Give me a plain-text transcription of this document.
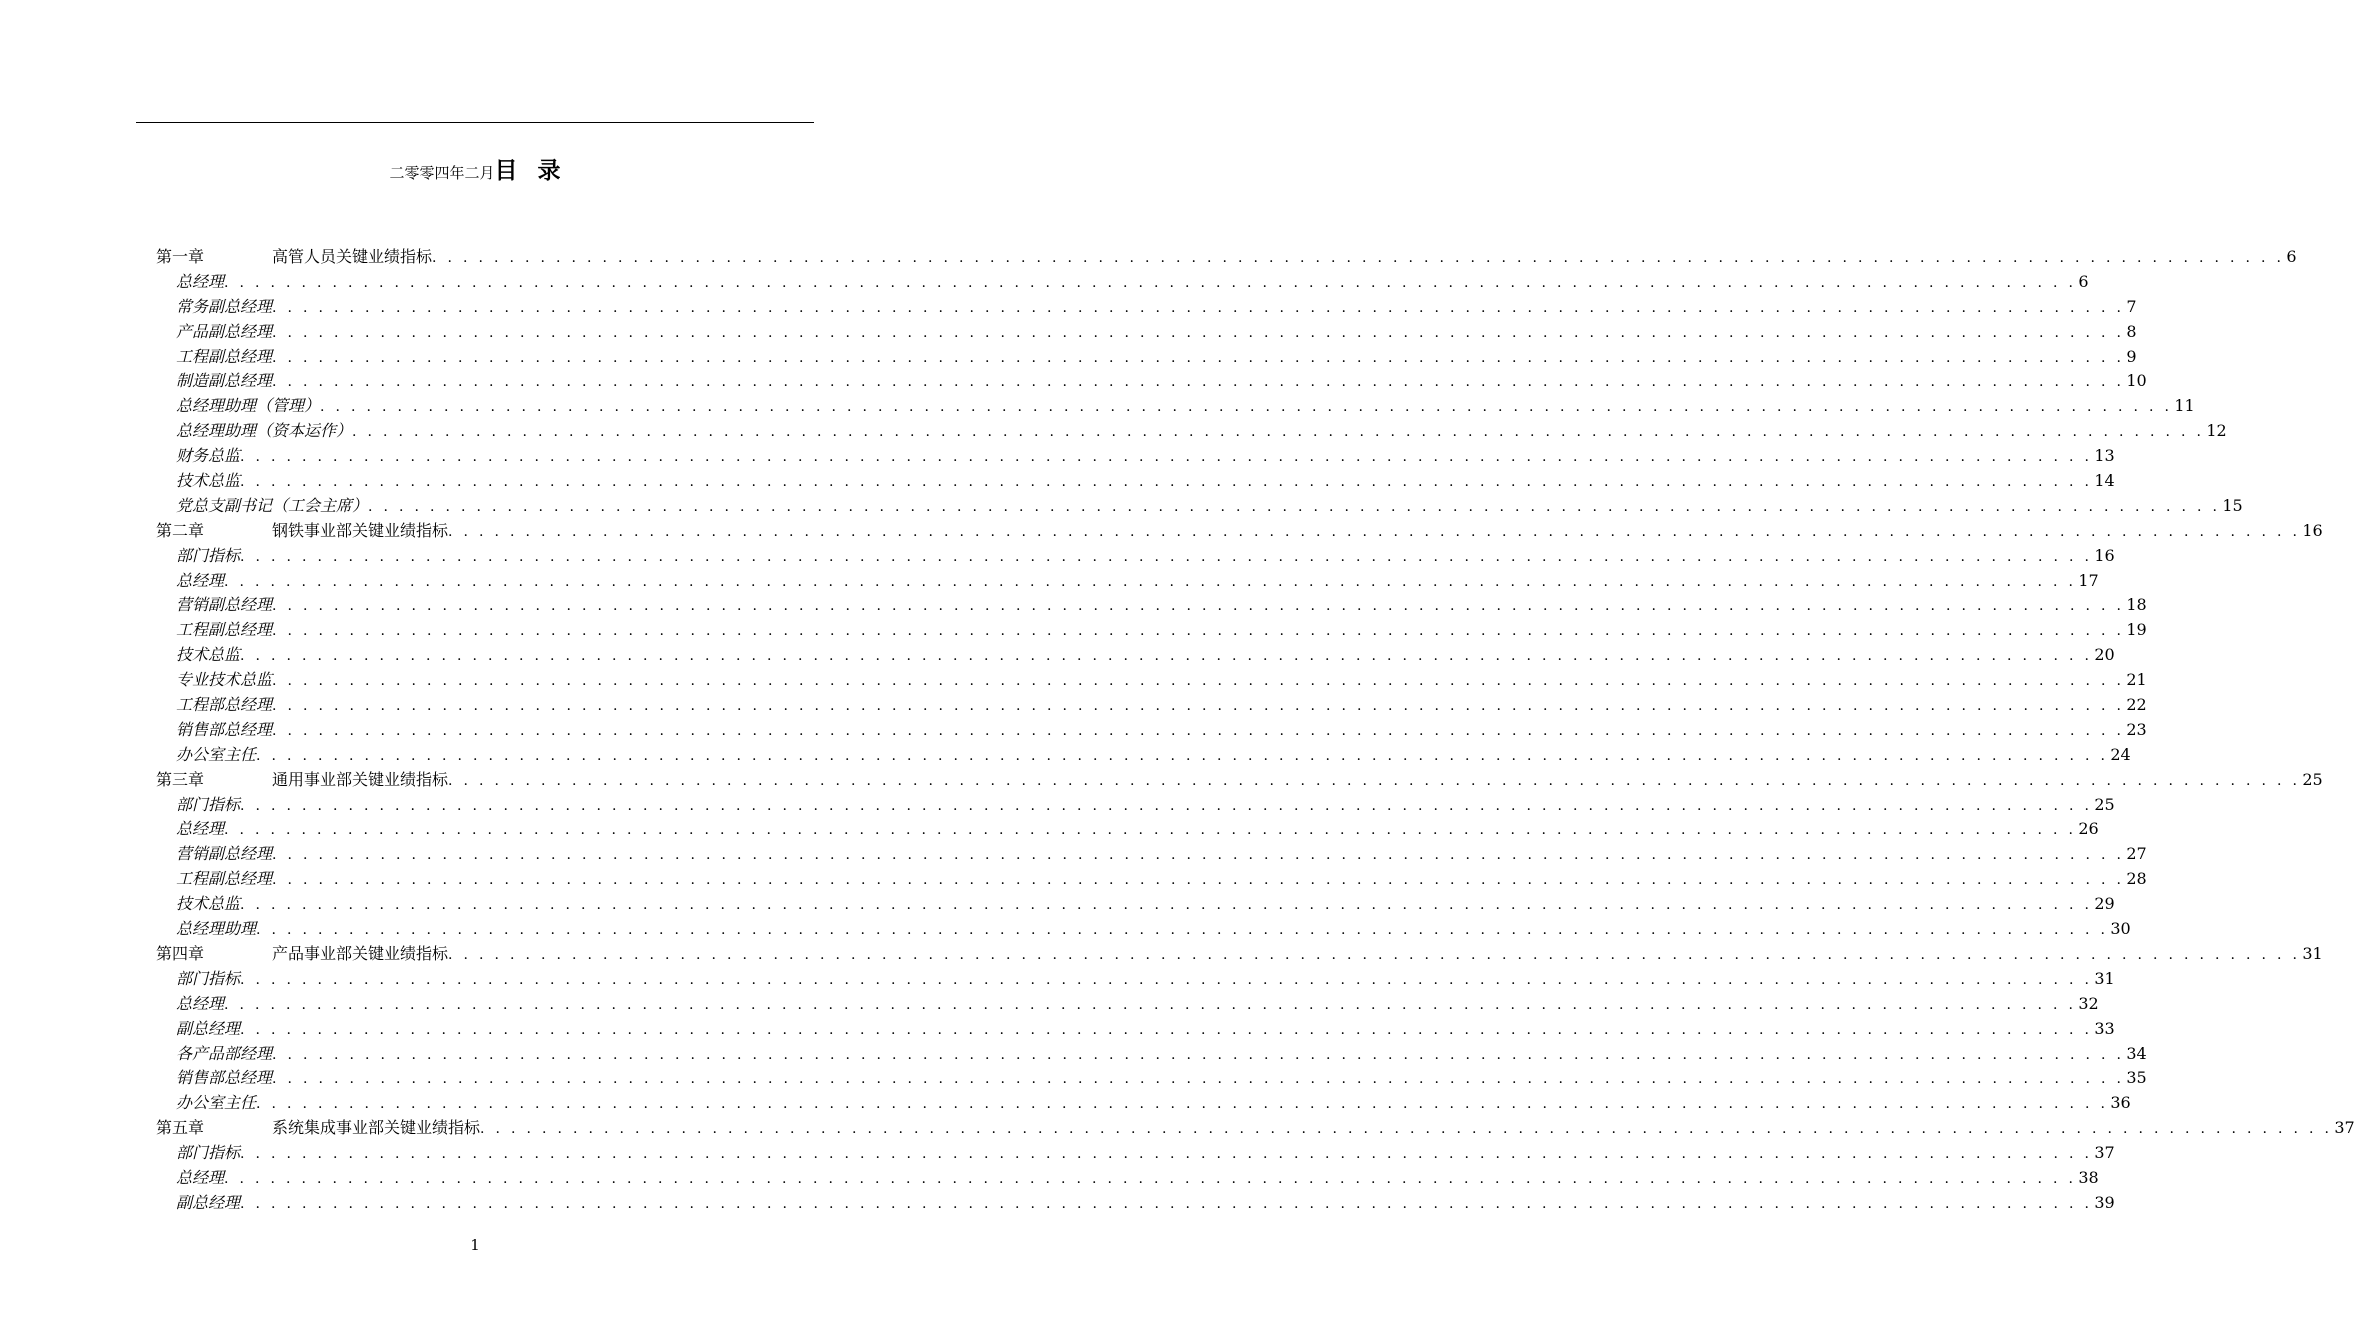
二零零四年二月目 录
第一章	高管人员关键业绩指标 . . . . . . . . . . . . . . . . . . . . . . . . . . . . . . . . . . . . . . . . . . . . . . . . . . . . . . . . . . . . . . . . . . . . . . . . . . . . . . . . . . . . . . . . . . . . . . . . . . . . . . . . . . . . . . . . . . . . . . . . 6
总经理 . . . . . . . . . . . . . . . . . . . . . . . . . . . . . . . . . . . . . . . . . . . . . . . . . . . . . . . . . . . . . . . . . . . . . . . . . . . . . . . . . . . . . . . . . . . . . . . . . . . . . . . . . . . . . . . . . . . . . . . . 6
常务副总经理 . . . . . . . . . . . . . . . . . . . . . . . . . . . . . . . . . . . . . . . . . . . . . . . . . . . . . . . . . . . . . . . . . . . . . . . . . . . . . . . . . . . . . . . . . . . . . . . . . . . . . . . . . . . . . . . . . . . . . . . . 7
产品副总经理 . . . . . . . . . . . . . . . . . . . . . . . . . . . . . . . . . . . . . . . . . . . . . . . . . . . . . . . . . . . . . . . . . . . . . . . . . . . . . . . . . . . . . . . . . . . . . . . . . . . . . . . . . . . . . . . . . . . . . . . . 8
工程副总经理 . . . . . . . . . . . . . . . . . . . . . . . . . . . . . . . . . . . . . . . . . . . . . . . . . . . . . . . . . . . . . . . . . . . . . . . . . . . . . . . . . . . . . . . . . . . . . . . . . . . . . . . . . . . . . . . . . . . . . . . . 9
制造副总经理 . . . . . . . . . . . . . . . . . . . . . . . . . . . . . . . . . . . . . . . . . . . . . . . . . . . . . . . . . . . . . . . . . . . . . . . . . . . . . . . . . . . . . . . . . . . . . . . . . . . . . . . . . . . . . . . . . . . . . . . . 10
总经理助理（管理） . . . . . . . . . . . . . . . . . . . . . . . . . . . . . . . . . . . . . . . . . . . . . . . . . . . . . . . . . . . . . . . . . . . . . . . . . . . . . . . . . . . . . . . . . . . . . . . . . . . . . . . . . . . . . . . . . . . . . . . . 11
总经理助理（资本运作） . . . . . . . . . . . . . . . . . . . . . . . . . . . . . . . . . . . . . . . . . . . . . . . . . . . . . . . . . . . . . . . . . . . . . . . . . . . . . . . . . . . . . . . . . . . . . . . . . . . . . . . . . . . . . . . . . . . . . . . . 12
财务总监 . . . . . . . . . . . . . . . . . . . . . . . . . . . . . . . . . . . . . . . . . . . . . . . . . . . . . . . . . . . . . . . . . . . . . . . . . . . . . . . . . . . . . . . . . . . . . . . . . . . . . . . . . . . . . . . . . . . . . . . . 13
技术总监 . . . . . . . . . . . . . . . . . . . . . . . . . . . . . . . . . . . . . . . . . . . . . . . . . . . . . . . . . . . . . . . . . . . . . . . . . . . . . . . . . . . . . . . . . . . . . . . . . . . . . . . . . . . . . . . . . . . . . . . . 14
党总支副书记（工会主席） . . . . . . . . . . . . . . . . . . . . . . . . . . . . . . . . . . . . . . . . . . . . . . . . . . . . . . . . . . . . . . . . . . . . . . . . . . . . . . . . . . . . . . . . . . . . . . . . . . . . . . . . . . . . . . . . . . . . . . . . 15
第二章	钢铁事业部关键业绩指标 . . . . . . . . . . . . . . . . . . . . . . . . . . . . . . . . . . . . . . . . . . . . . . . . . . . . . . . . . . . . . . . . . . . . . . . . . . . . . . . . . . . . . . . . . . . . . . . . . . . . . . . . . . . . . . . . . . . . . . . . 16
部门指标 . . . . . . . . . . . . . . . . . . . . . . . . . . . . . . . . . . . . . . . . . . . . . . . . . . . . . . . . . . . . . . . . . . . . . . . . . . . . . . . . . . . . . . . . . . . . . . . . . . . . . . . . . . . . . . . . . . . . . . . . 16
总经理 . . . . . . . . . . . . . . . . . . . . . . . . . . . . . . . . . . . . . . . . . . . . . . . . . . . . . . . . . . . . . . . . . . . . . . . . . . . . . . . . . . . . . . . . . . . . . . . . . . . . . . . . . . . . . . . . . . . . . . . . 17
营销副总经理 . . . . . . . . . . . . . . . . . . . . . . . . . . . . . . . . . . . . . . . . . . . . . . . . . . . . . . . . . . . . . . . . . . . . . . . . . . . . . . . . . . . . . . . . . . . . . . . . . . . . . . . . . . . . . . . . . . . . . . . . 18
工程副总经理 . . . . . . . . . . . . . . . . . . . . . . . . . . . . . . . . . . . . . . . . . . . . . . . . . . . . . . . . . . . . . . . . . . . . . . . . . . . . . . . . . . . . . . . . . . . . . . . . . . . . . . . . . . . . . . . . . . . . . . . . 19
技术总监 . . . . . . . . . . . . . . . . . . . . . . . . . . . . . . . . . . . . . . . . . . . . . . . . . . . . . . . . . . . . . . . . . . . . . . . . . . . . . . . . . . . . . . . . . . . . . . . . . . . . . . . . . . . . . . . . . . . . . . . . 20
专业技术总监 . . . . . . . . . . . . . . . . . . . . . . . . . . . . . . . . . . . . . . . . . . . . . . . . . . . . . . . . . . . . . . . . . . . . . . . . . . . . . . . . . . . . . . . . . . . . . . . . . . . . . . . . . . . . . . . . . . . . . . . . 21
工程部总经理 . . . . . . . . . . . . . . . . . . . . . . . . . . . . . . . . . . . . . . . . . . . . . . . . . . . . . . . . . . . . . . . . . . . . . . . . . . . . . . . . . . . . . . . . . . . . . . . . . . . . . . . . . . . . . . . . . . . . . . . . 22
销售部总经理 . . . . . . . . . . . . . . . . . . . . . . . . . . . . . . . . . . . . . . . . . . . . . . . . . . . . . . . . . . . . . . . . . . . . . . . . . . . . . . . . . . . . . . . . . . . . . . . . . . . . . . . . . . . . . . . . . . . . . . . . 23
办公室主任 . . . . . . . . . . . . . . . . . . . . . . . . . . . . . . . . . . . . . . . . . . . . . . . . . . . . . . . . . . . . . . . . . . . . . . . . . . . . . . . . . . . . . . . . . . . . . . . . . . . . . . . . . . . . . . . . . . . . . . . . 24
第三章	通用事业部关键业绩指标 . . . . . . . . . . . . . . . . . . . . . . . . . . . . . . . . . . . . . . . . . . . . . . . . . . . . . . . . . . . . . . . . . . . . . . . . . . . . . . . . . . . . . . . . . . . . . . . . . . . . . . . . . . . . . . . . . . . . . . . . 25
部门指标 . . . . . . . . . . . . . . . . . . . . . . . . . . . . . . . . . . . . . . . . . . . . . . . . . . . . . . . . . . . . . . . . . . . . . . . . . . . . . . . . . . . . . . . . . . . . . . . . . . . . . . . . . . . . . . . . . . . . . . . . 25
总经理 . . . . . . . . . . . . . . . . . . . . . . . . . . . . . . . . . . . . . . . . . . . . . . . . . . . . . . . . . . . . . . . . . . . . . . . . . . . . . . . . . . . . . . . . . . . . . . . . . . . . . . . . . . . . . . . . . . . . . . . . 26
营销副总经理 . . . . . . . . . . . . . . . . . . . . . . . . . . . . . . . . . . . . . . . . . . . . . . . . . . . . . . . . . . . . . . . . . . . . . . . . . . . . . . . . . . . . . . . . . . . . . . . . . . . . . . . . . . . . . . . . . . . . . . . . 27
工程副总经理 . . . . . . . . . . . . . . . . . . . . . . . . . . . . . . . . . . . . . . . . . . . . . . . . . . . . . . . . . . . . . . . . . . . . . . . . . . . . . . . . . . . . . . . . . . . . . . . . . . . . . . . . . . . . . . . . . . . . . . . . 28
技术总监 . . . . . . . . . . . . . . . . . . . . . . . . . . . . . . . . . . . . . . . . . . . . . . . . . . . . . . . . . . . . . . . . . . . . . . . . . . . . . . . . . . . . . . . . . . . . . . . . . . . . . . . . . . . . . . . . . . . . . . . . 29
总经理助理 . . . . . . . . . . . . . . . . . . . . . . . . . . . . . . . . . . . . . . . . . . . . . . . . . . . . . . . . . . . . . . . . . . . . . . . . . . . . . . . . . . . . . . . . . . . . . . . . . . . . . . . . . . . . . . . . . . . . . . . . 30
第四章	产品事业部关键业绩指标 . . . . . . . . . . . . . . . . . . . . . . . . . . . . . . . . . . . . . . . . . . . . . . . . . . . . . . . . . . . . . . . . . . . . . . . . . . . . . . . . . . . . . . . . . . . . . . . . . . . . . . . . . . . . . . . . . . . . . . . . 31
部门指标 . . . . . . . . . . . . . . . . . . . . . . . . . . . . . . . . . . . . . . . . . . . . . . . . . . . . . . . . . . . . . . . . . . . . . . . . . . . . . . . . . . . . . . . . . . . . . . . . . . . . . . . . . . . . . . . . . . . . . . . . 31
总经理 . . . . . . . . . . . . . . . . . . . . . . . . . . . . . . . . . . . . . . . . . . . . . . . . . . . . . . . . . . . . . . . . . . . . . . . . . . . . . . . . . . . . . . . . . . . . . . . . . . . . . . . . . . . . . . . . . . . . . . . . 32
副总经理 . . . . . . . . . . . . . . . . . . . . . . . . . . . . . . . . . . . . . . . . . . . . . . . . . . . . . . . . . . . . . . . . . . . . . . . . . . . . . . . . . . . . . . . . . . . . . . . . . . . . . . . . . . . . . . . . . . . . . . . . 33
各产品部经理 . . . . . . . . . . . . . . . . . . . . . . . . . . . . . . . . . . . . . . . . . . . . . . . . . . . . . . . . . . . . . . . . . . . . . . . . . . . . . . . . . . . . . . . . . . . . . . . . . . . . . . . . . . . . . . . . . . . . . . . . 34
销售部总经理 . . . . . . . . . . . . . . . . . . . . . . . . . . . . . . . . . . . . . . . . . . . . . . . . . . . . . . . . . . . . . . . . . . . . . . . . . . . . . . . . . . . . . . . . . . . . . . . . . . . . . . . . . . . . . . . . . . . . . . . . 35
办公室主任 . . . . . . . . . . . . . . . . . . . . . . . . . . . . . . . . . . . . . . . . . . . . . . . . . . . . . . . . . . . . . . . . . . . . . . . . . . . . . . . . . . . . . . . . . . . . . . . . . . . . . . . . . . . . . . . . . . . . . . . . 36
第五章	系统集成事业部关键业绩指标 . . . . . . . . . . . . . . . . . . . . . . . . . . . . . . . . . . . . . . . . . . . . . . . . . . . . . . . . . . . . . . . . . . . . . . . . . . . . . . . . . . . . . . . . . . . . . . . . . . . . . . . . . . . . . . . . . . . . . . . . 37
部门指标 . . . . . . . . . . . . . . . . . . . . . . . . . . . . . . . . . . . . . . . . . . . . . . . . . . . . . . . . . . . . . . . . . . . . . . . . . . . . . . . . . . . . . . . . . . . . . . . . . . . . . . . . . . . . . . . . . . . . . . . . 37
总经理 . . . . . . . . . . . . . . . . . . . . . . . . . . . . . . . . . . . . . . . . . . . . . . . . . . . . . . . . . . . . . . . . . . . . . . . . . . . . . . . . . . . . . . . . . . . . . . . . . . . . . . . . . . . . . . . . . . . . . . . . 38
副总经理 . . . . . . . . . . . . . . . . . . . . . . . . . . . . . . . . . . . . . . . . . . . . . . . . . . . . . . . . . . . . . . . . . . . . . . . . . . . . . . . . . . . . . . . . . . . . . . . . . . . . . . . . . . . . . . . . . . . . . . . . 39
1
